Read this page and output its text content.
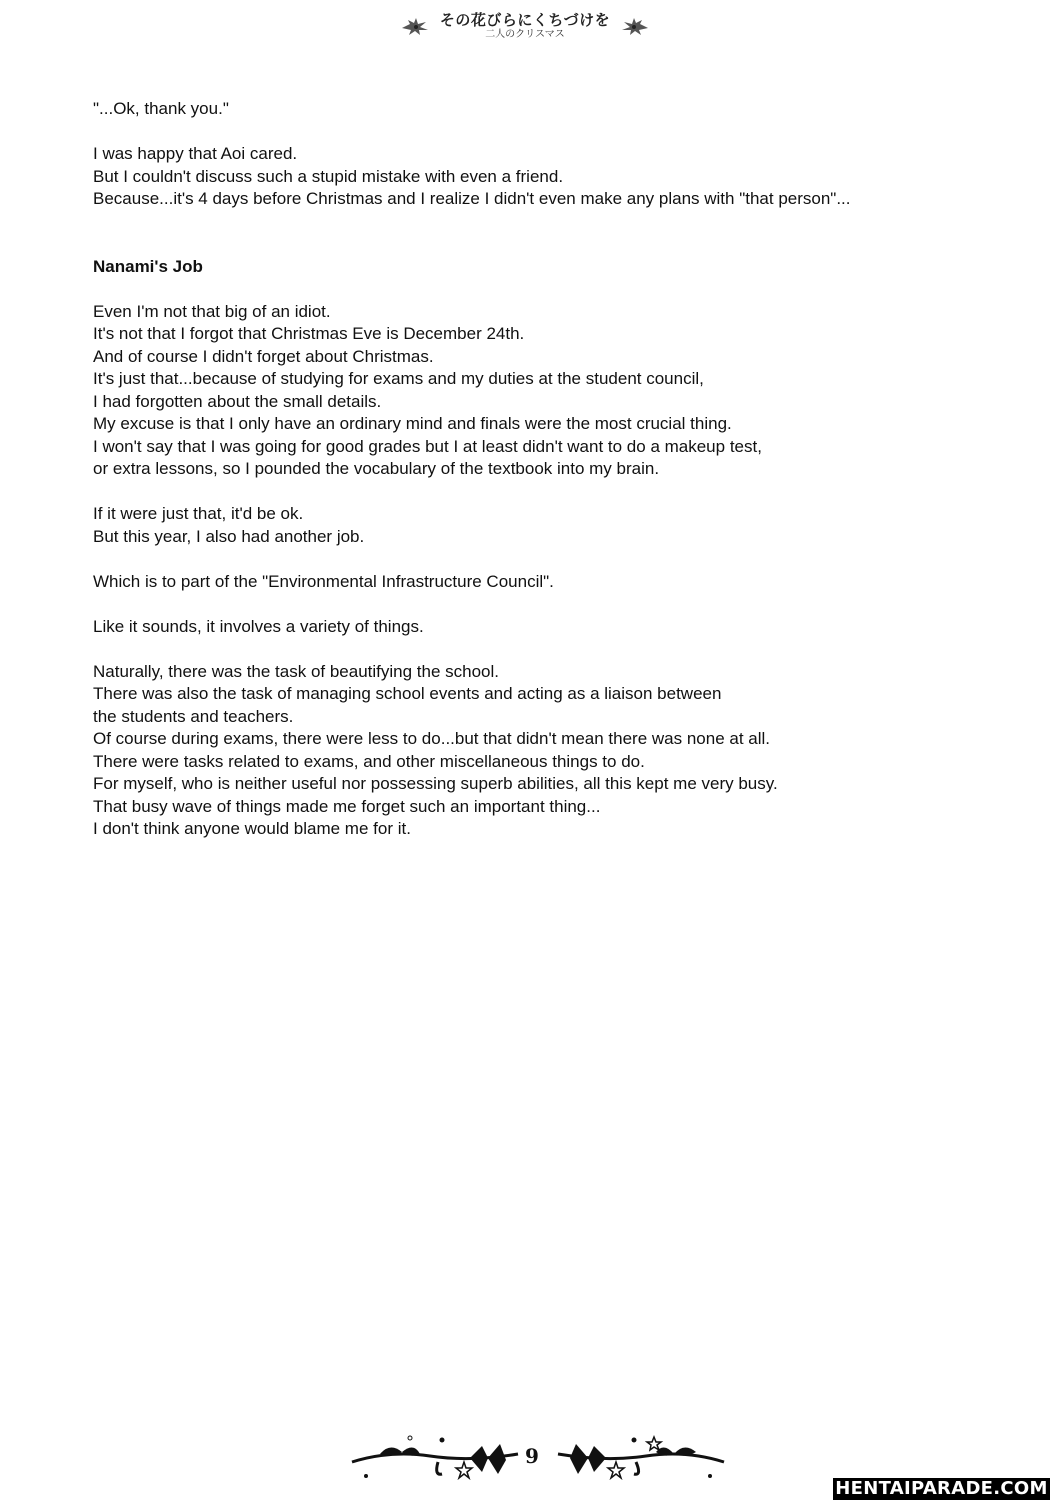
その花びらにくちづけを
二人のクリスマス
"...Ok, thank you."
I was happy that Aoi cared.
But I couldn't discuss such a stupid mistake with even a friend.
Because...it's 4 days before Christmas and I realize I didn't even make any plans with "that person"...
Nanami's Job
Even I'm not that big of an idiot.
It's not that I forgot that Christmas Eve is December 24th.
And of course I didn't forget about Christmas.
It's just that...because of studying for exams and my duties at the student council,
I had forgotten about the small details.
My excuse is that I only have an ordinary mind and finals were the most crucial thing.
I won't say that I was going for good grades but I at least didn't want to do a makeup test,
or extra lessons, so I pounded the vocabulary of the textbook into my brain.
If it were just that, it'd be ok.
But this year, I also had another job.
Which is to part of the "Environmental Infrastructure Council".
Like it sounds, it involves a variety of things.
Naturally, there was the task of beautifying the school.
There was also the task of managing school events and acting as a liaison between
the students and teachers.
Of course during exams, there were less to do...but that didn't mean there was none at all.
There were tasks related to exams, and other miscellaneous things to do.
For myself, who is neither useful nor possessing superb abilities, all this kept me very busy.
That busy wave of things made me forget such an important thing...
I don't think anyone would blame me for it.
9
HENTAIPARADE.COM
